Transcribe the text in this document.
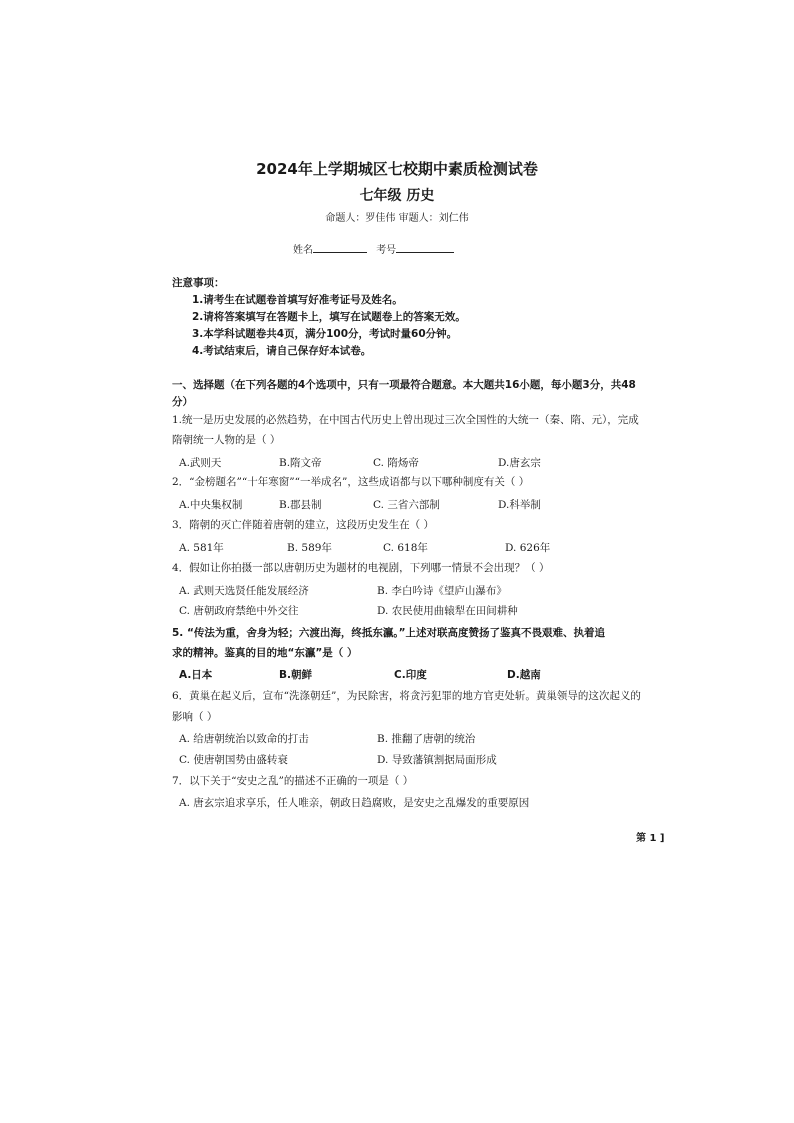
2024年上学期城区七校期中素质检测试卷
七年级 历史
命题人：罗佳伟 审题人：刘仁伟
姓名	考号
注意事项：
1.请考生在试题卷首填写好准考证号及姓名。
2.请将答案填写在答题卡上，填写在试题卷上的答案无效。
3.本学科试题卷共4页，满分100分，考试时量60分钟。
4.考试结束后，请自己保存好本试卷。
一、选择题（在下列各题的4个选项中，只有一项最符合题意。本大题共16小题，每小题3分，共48
分）
1.统一是历史发展的必然趋势，在中国古代历史上曾出现过三次全国性的大统一（秦、隋、元），完成
隋朝统一人物的是（ ）
A.武则天	B.隋文帝	C. 隋炀帝	D.唐玄宗
2．“金榜题名”“十年寒窗”“一举成名”，这些成语都与以下哪种制度有关（ ）
A.中央集权制	B.郡县制	C. 三省六部制	D.科举制
3．隋朝的灭亡伴随着唐朝的建立，这段历史发生在（ ）
A. 581年	B. 589年	C. 618年	D. 626年
4．假如让你拍摄一部以唐朝历史为题材的电视剧，下列哪一情景不会出现？（ ）
A. 武则天选贤任能发展经济	B. 李白吟诗《望庐山瀑布》
C. 唐朝政府禁绝中外交往	D. 农民使用曲辕犁在田间耕种
5. “传法为重，舍身为轻；六渡出海，终抵东瀛。”上述对联高度赞扬了鉴真不畏艰难、执着追
求的精神。鉴真的目的地“东瀛”是（ ）
A.日本	B.朝鲜	C.印度	D.越南
6．黄巢在起义后，宣布“洗涤朝廷”，为民除害，将贪污犯罪的地方官吏处斩。黄巢领导的这次起义的
影响（ ）
A. 给唐朝统治以致命的打击	B. 推翻了唐朝的统治
C. 使唐朝国势由盛转衰	D. 导致藩镇割据局面形成
7．以下关于“安史之乱”的描述不正确的一项是（ ）
A. 唐玄宗追求享乐，任人唯亲，朝政日趋腐败，是安史之乱爆发的重要原因
第 1 ]
